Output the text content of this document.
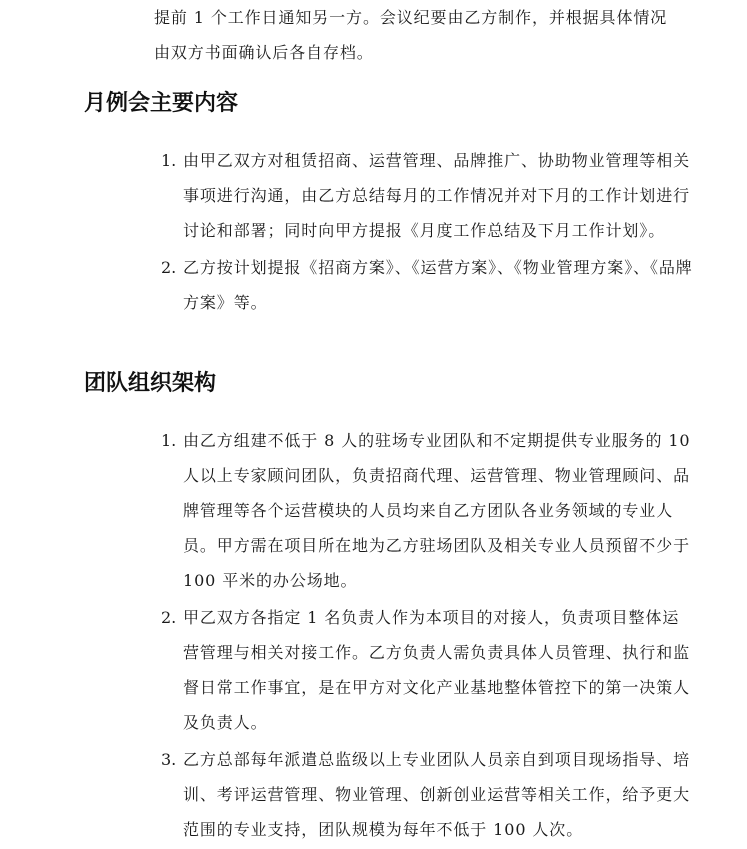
提前 1 个工作日通知另一方。会议纪要由乙方制作，并根据具体情况由双方书面确认后各自存档。

月例会主要内容
1. 由甲乙双方对租赁招商、运营管理、品牌推广、协助物业管理等相关事项进行沟通，由乙方总结每月的工作情况并对下月的工作计划进行讨论和部署；同时向甲方提报《月度工作总结及下月工作计划》。
2. 乙方按计划提报《招商方案》、《运营方案》、《物业管理方案》、《品牌方案》等。
团队组织架构
1. 由乙方组建不低于 8 人的驻场专业团队和不定期提供专业服务的 10 人以上专家顾问团队，负责招商代理、运营管理、物业管理顾问、品牌管理等各个运营模块的人员均来自乙方团队各业务领域的专业人员。甲方需在项目所在地为乙方驻场团队及相关专业人员预留不少于 100 平米的办公场地。
2. 甲乙双方各指定 1 名负责人作为本项目的对接人，负责项目整体运营管理与相关对接工作。乙方负责人需负责具体人员管理、执行和监督日常工作事宜，是在甲方对文化产业基地整体管控下的第一决策人及负责人。
3. 乙方总部每年派遣总监级以上专业团队人员亲自到项目现场指导、培训、考评运营管理、物业管理、创新创业运营等相关工作，给予更大范围的专业支持，团队规模为每年不低于 100 人次。
